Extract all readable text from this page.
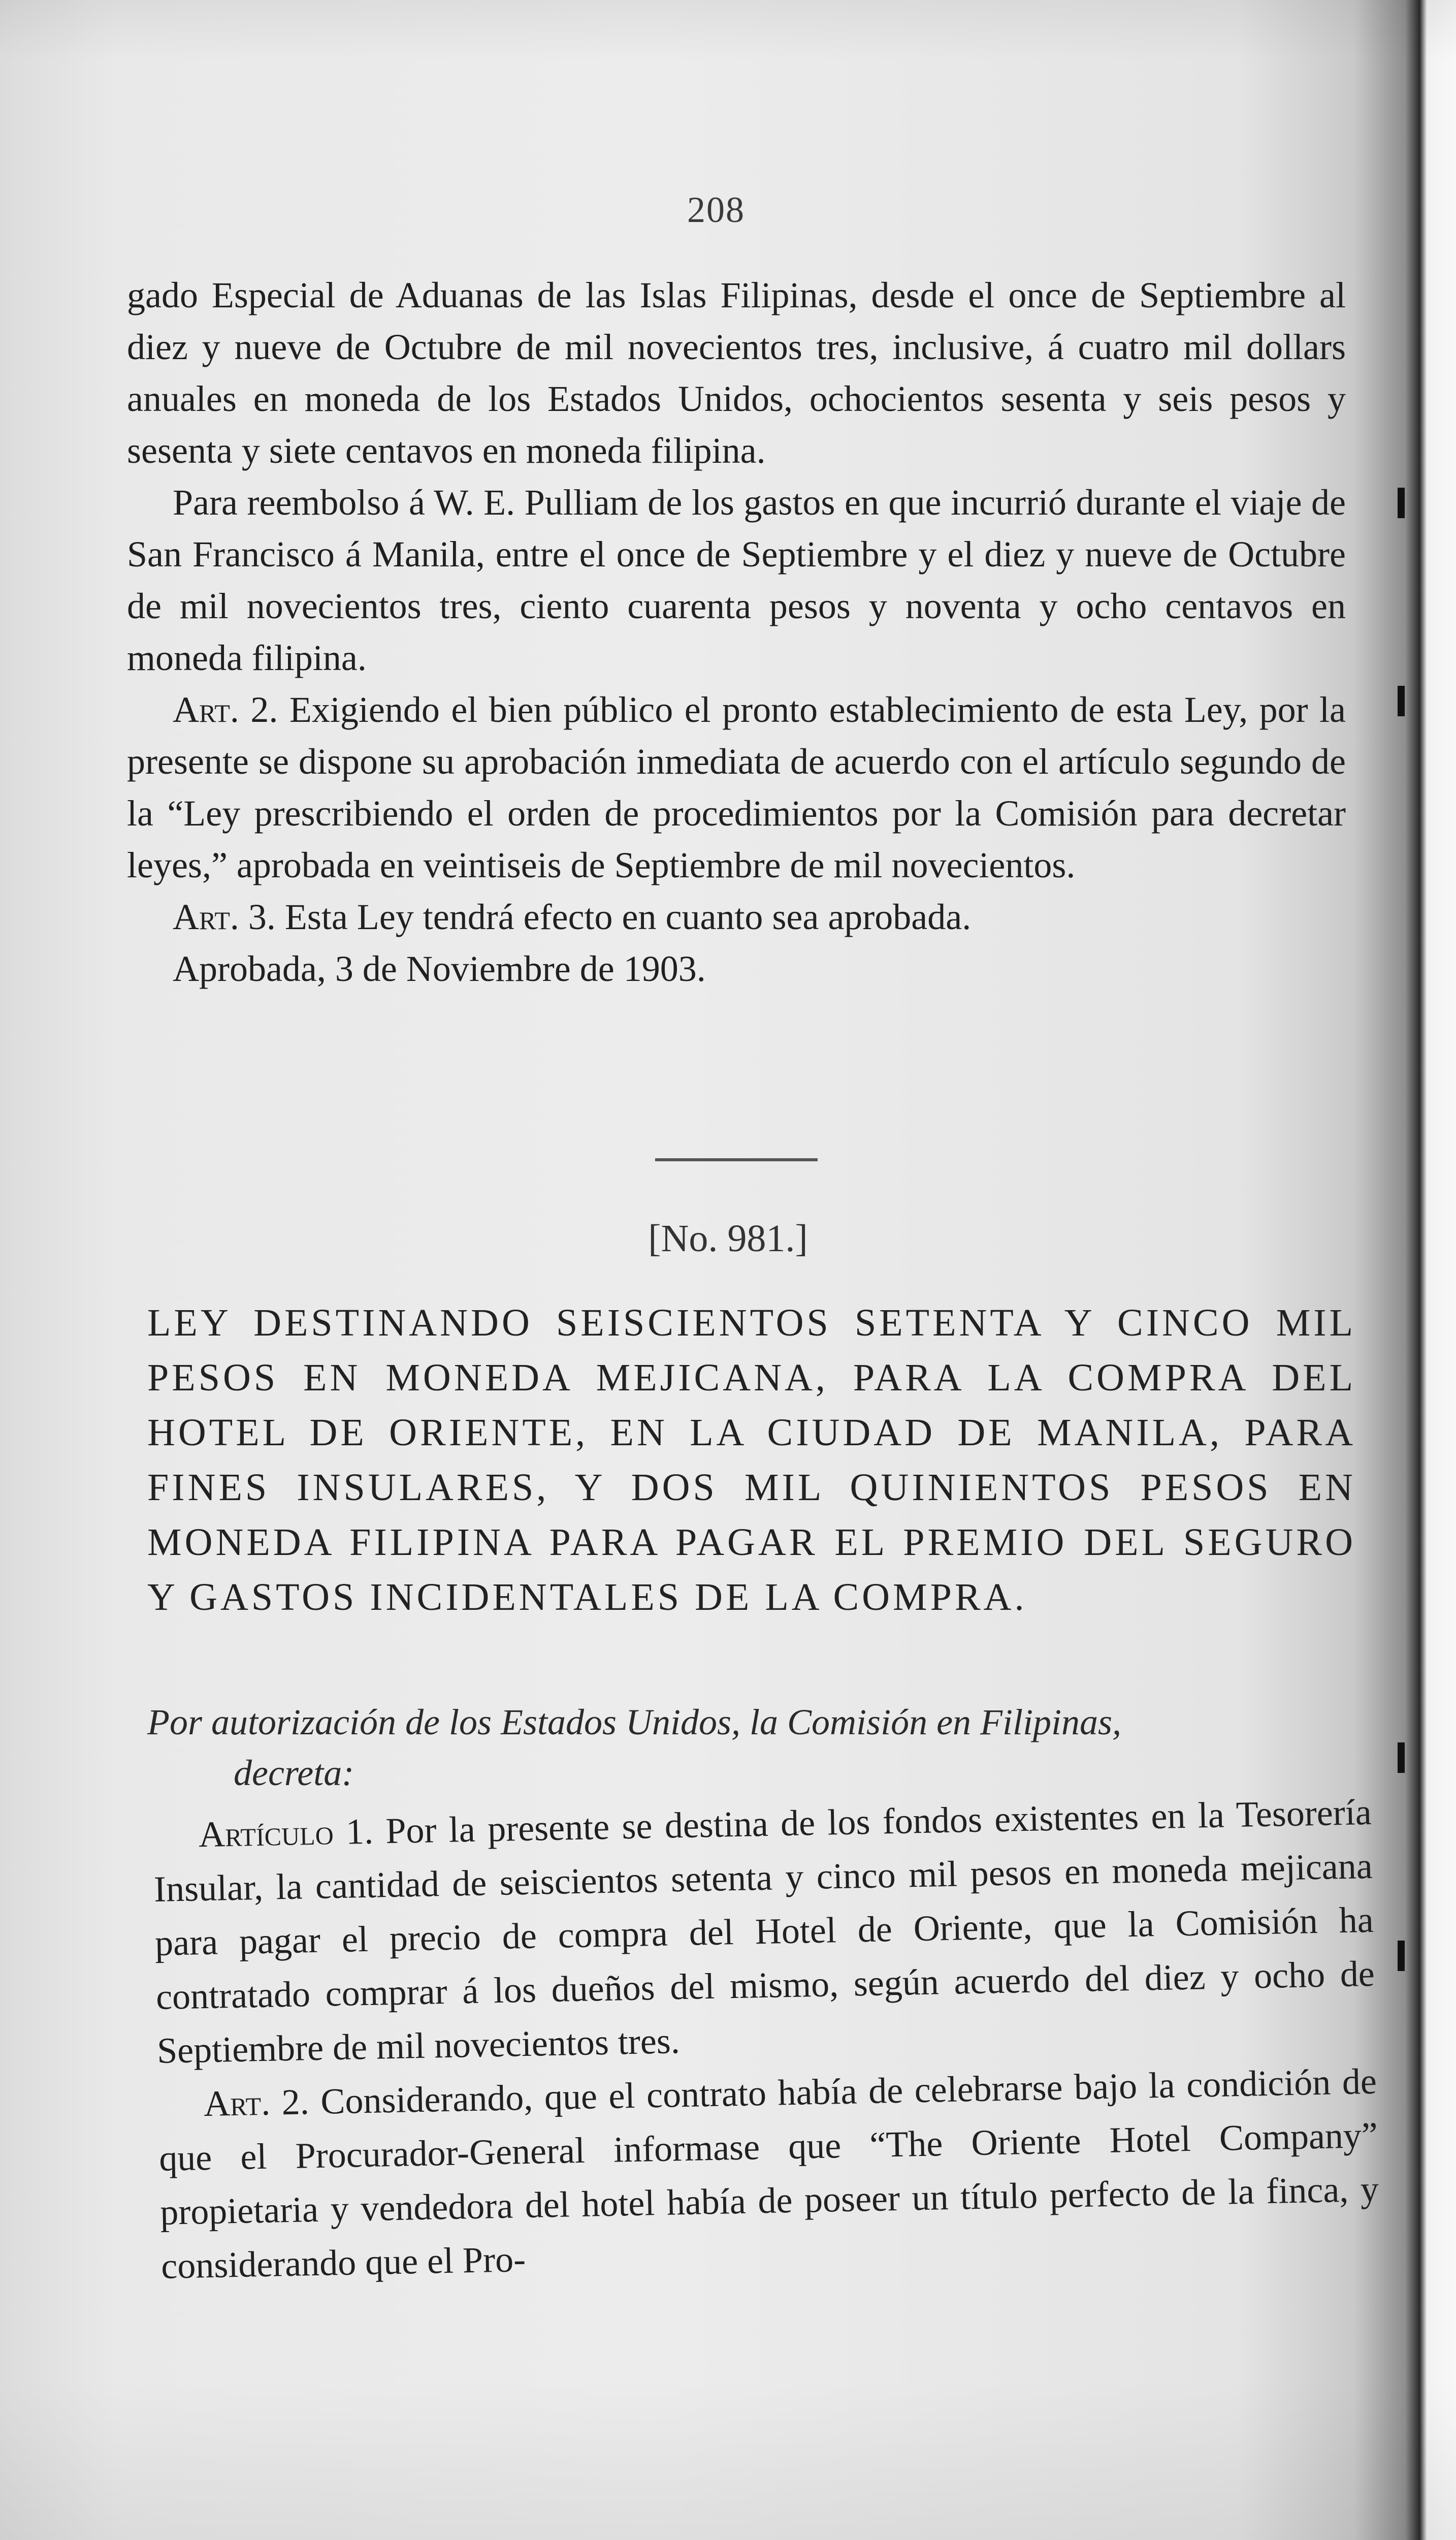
208

gado Especial de Aduanas de las Islas Filipinas, desde el once de Septiembre al diez y nueve de Octubre de mil novecientos tres, inclusive, á cuatro mil dollars anuales en moneda de los Estados Unidos, ochocientos sesenta y seis pesos y sesenta y siete centavos en moneda filipina.

Para reembolso á W. E. Pulliam de los gastos en que incurrió durante el viaje de San Francisco á Manila, entre el once de Septiembre y el diez y nueve de Octubre de mil novecientos tres, ciento cuarenta pesos y noventa y ocho centavos en moneda filipina.

Art. 2. Exigiendo el bien público el pronto establecimiento de esta Ley, por la presente se dispone su aprobación inmediata de acuerdo con el artículo segundo de la “Ley prescribiendo el orden de procedimientos por la Comisión para decretar leyes,” aprobada en veintiseis de Septiembre de mil novecientos.

Art. 3. Esta Ley tendrá efecto en cuanto sea aprobada.

Aprobada, 3 de Noviembre de 1903.

[No. 981.]
LEY DESTINANDO SEISCIENTOS SETENTA Y CINCO MIL PESOS EN MONEDA MEJICANA, PARA LA COMPRA DEL HOTEL DE ORIENTE, EN LA CIUDAD DE MANILA, PARA FINES INSULARES, Y DOS MIL QUINIENTOS PESOS EN MONEDA FILIPINA PARA PAGAR EL PREMIO DEL SEGURO Y GASTOS INCIDENTALES DE LA COMPRA.
Por autorización de los Estados Unidos, la Comisión en Filipinas,
decreta:

Artículo 1. Por la presente se destina de los fondos existentes en la Tesorería Insular, la cantidad de seiscientos setenta y cinco mil pesos en moneda mejicana para pagar el precio de compra del Hotel de Oriente, que la Comisión ha contratado comprar á los dueños del mismo, según acuerdo del diez y ocho de Septiembre de mil novecientos tres.

Art. 2. Considerando, que el contrato había de celebrarse bajo la condición de que el Procurador-General informase que “The Oriente Hotel Company” propietaria y vendedora del hotel había de poseer un título perfecto de la finca, y considerando que el Pro-
